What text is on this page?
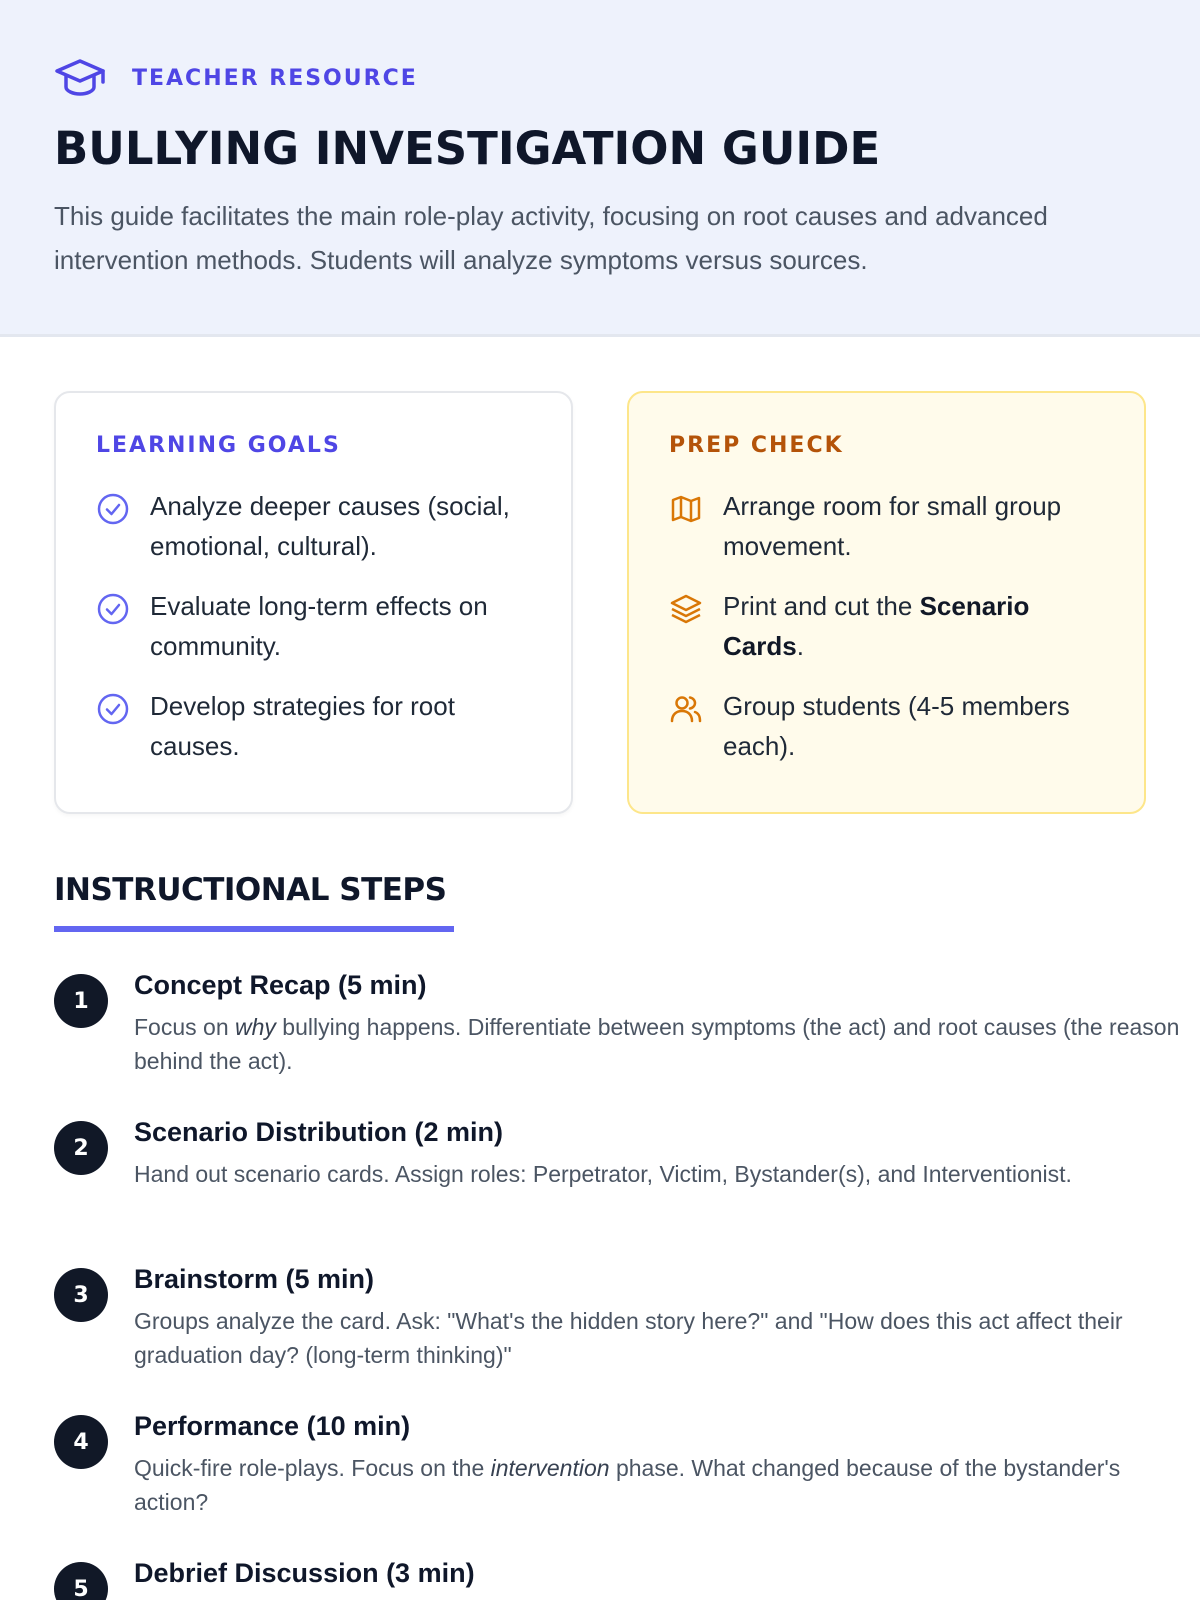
TEACHER RESOURCE
BULLYING INVESTIGATION GUIDE
This guide facilitates the main role-play activity, focusing on root causes and advanced intervention methods. Students will analyze symptoms versus sources.
LEARNING GOALS
Analyze deeper causes (social, emotional, cultural).
Evaluate long-term effects on community.
Develop strategies for root causes.
PREP CHECK
Arrange room for small group movement.
Print and cut the Scenario Cards.
Group students (4-5 members each).
INSTRUCTIONAL STEPS
1
Concept Recap (5 min)
Focus on why bullying happens. Differentiate between symptoms (the act) and root causes (the reason behind the act).
2
Scenario Distribution (2 min)
Hand out scenario cards. Assign roles: Perpetrator, Victim, Bystander(s), and Interventionist.
3
Brainstorm (5 min)
Groups analyze the card. Ask: "What's the hidden story here?" and "How does this act affect their graduation day? (long-term thinking)"
4
Performance (10 min)
Quick-fire role-plays. Focus on the intervention phase. What changed because of the bystander's action?
5
Debrief Discussion (3 min)
